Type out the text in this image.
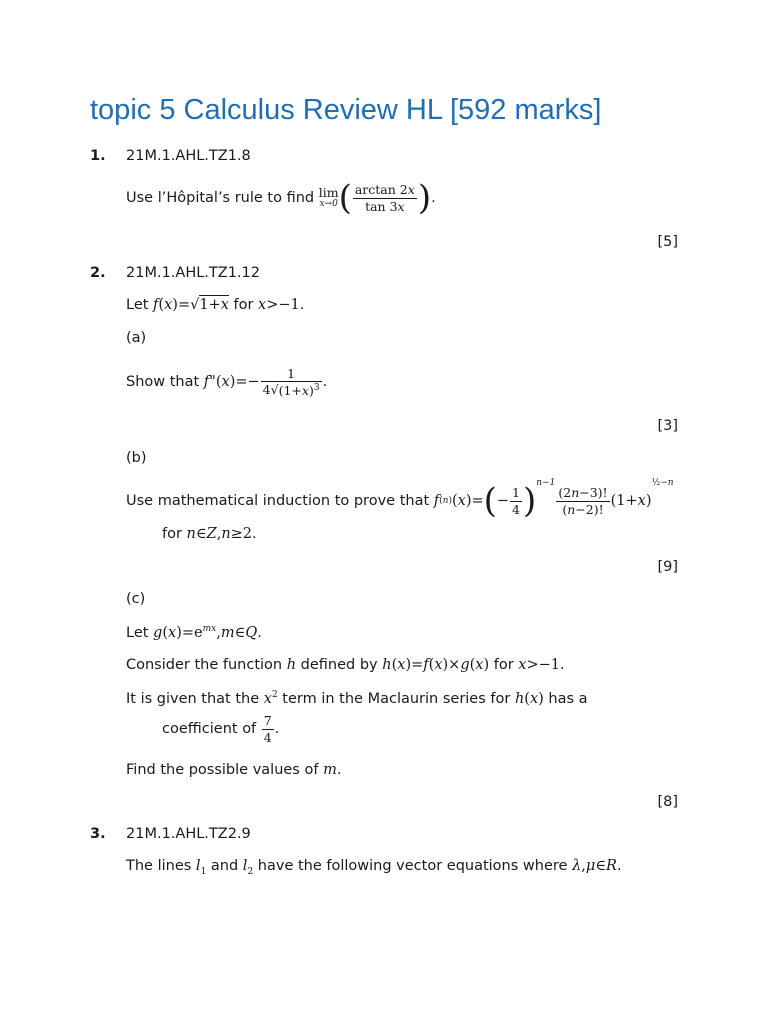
topic 5 Calculus Review HL [592 marks]
1. 21M.1.AHL.TZ1.8
Use l’Hôpital’s rule to find
lim
x→0 ( $\frac{\arctan 2x}{\tan 3x}$ ) .
[5]
2. 21M.1.AHL.TZ1.12
Let f(x)=√1+x for x>−1.
(a)
Show that
f "( x )=− $\frac{1}{4√(1+x)^3}$ .
[3]
(b)
Use mathematical induction to prove that
f (n) ( x )= ( − $\frac{1}{4} )^{n-1}$
$\frac{(2n-3)!}{(n-2)!} (1+x)$
½−n
for n∈Z,n≥2.
[9]
(c)
Let $g(x)=e^{mx},m\in Q$.
Consider the function h defined by h(x)=f(x)×g(x) for x>−1.
It is given that the $x^2$ term in the Maclaurin series for h(x) has a
coefficient of
$\frac{7}{4}$ .
Find the possible values of m.
[8]
3. 21M.1.AHL.TZ2.9
The lines $l_1$ and $l_2$ have the following vector equations where λ,μ∈R.
